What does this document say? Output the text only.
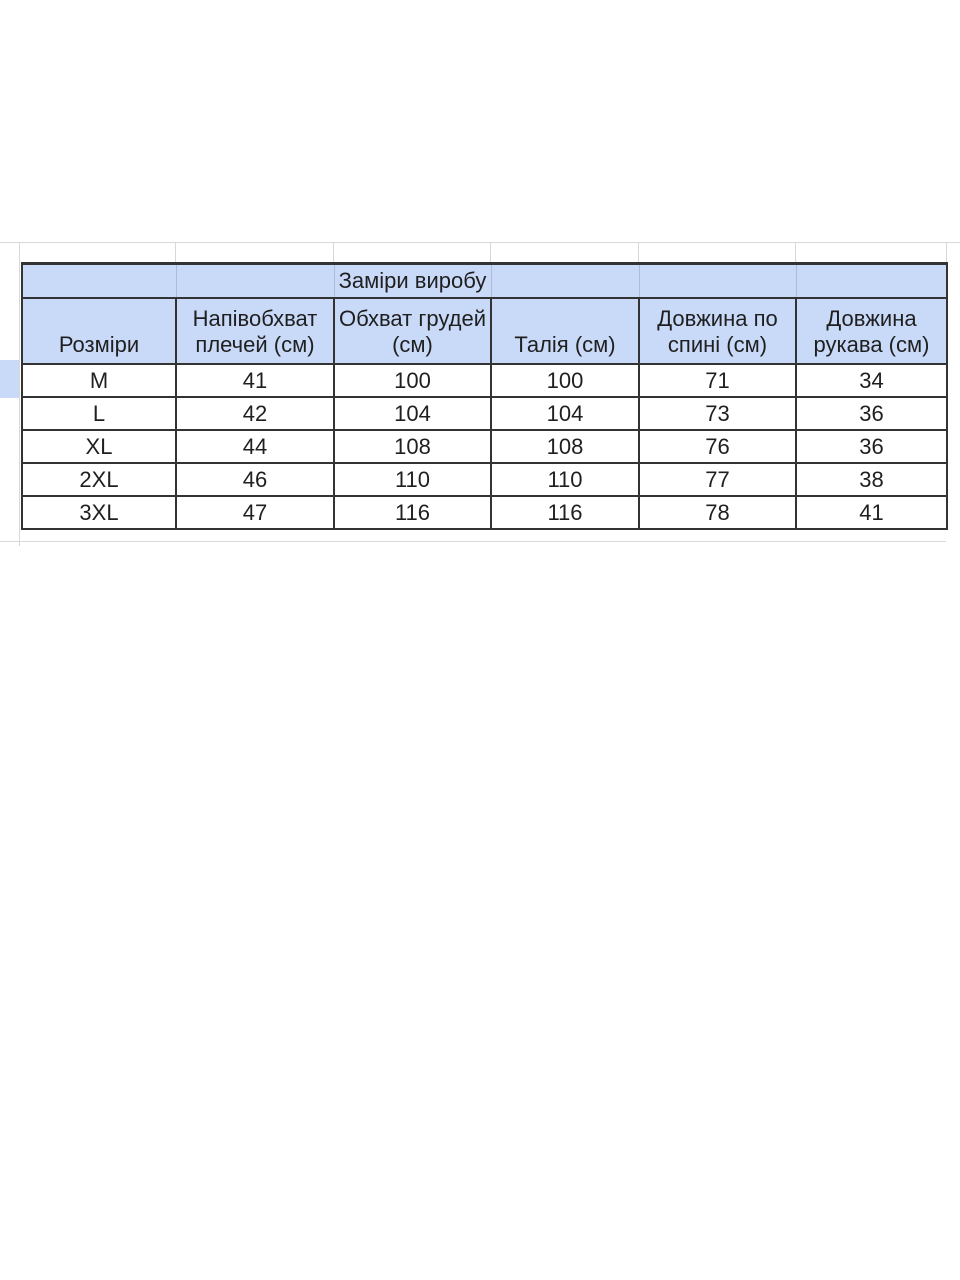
		Заміри виробу			
Розміри	Напівобхват плечей (см)	Обхват грудей (см)	Талія (см)	Довжина по спині (см)	Довжина рукава (см)
M	41	100	100	71	34
L	42	104	104	73	36
XL	44	108	108	76	36
2XL	46	110	110	77	38
3XL	47	116	116	78	41
